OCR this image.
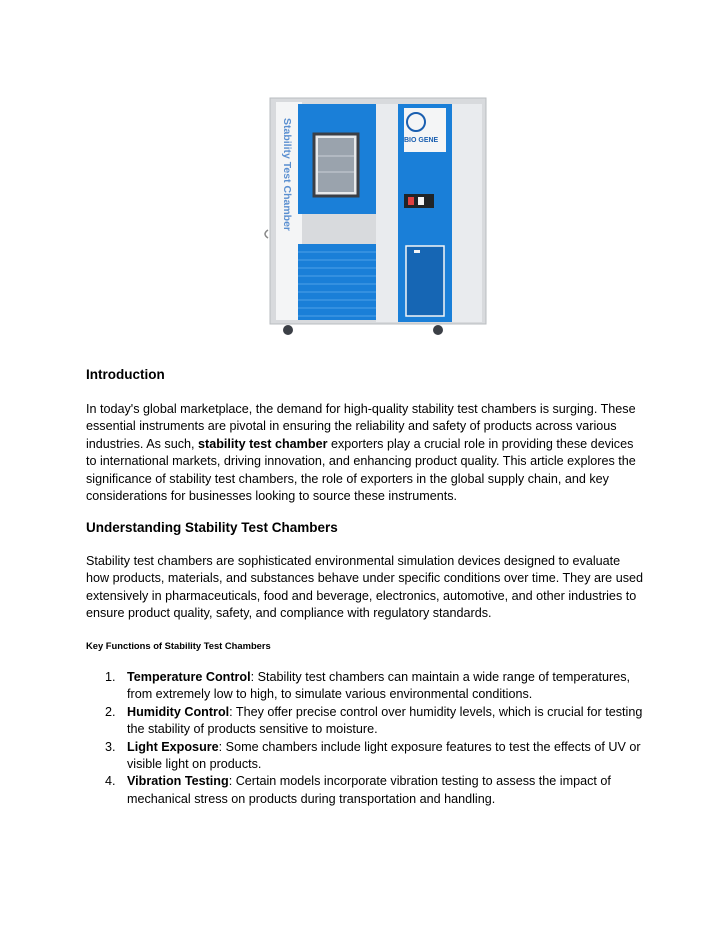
Stability Test Chamber	BIO GENE
Introduction

In today's global marketplace, the demand for high-quality stability test chambers is surging. These essential instruments are pivotal in ensuring the reliability and safety of products across various industries. As such, stability test chamber exporters play a crucial role in providing these devices to international markets, driving innovation, and enhancing product quality. This article explores the significance of stability test chambers, the role of exporters in the global supply chain, and key considerations for businesses looking to source these instruments.

Understanding Stability Test Chambers

Stability test chambers are sophisticated environmental simulation devices designed to evaluate how products, materials, and substances behave under specific conditions over time. They are used extensively in pharmaceuticals, food and beverage, electronics, automotive, and other industries to ensure product quality, safety, and compliance with regulatory standards.

Key Functions of Stability Test Chambers
1. Temperature Control: Stability test chambers can maintain a wide range of temperatures, from extremely low to high, to simulate various environmental conditions.
2. Humidity Control: They offer precise control over humidity levels, which is crucial for testing the stability of products sensitive to moisture.
3. Light Exposure: Some chambers include light exposure features to test the effects of UV or visible light on products.
4. Vibration Testing: Certain models incorporate vibration testing to assess the impact of mechanical stress on products during transportation and handling.
